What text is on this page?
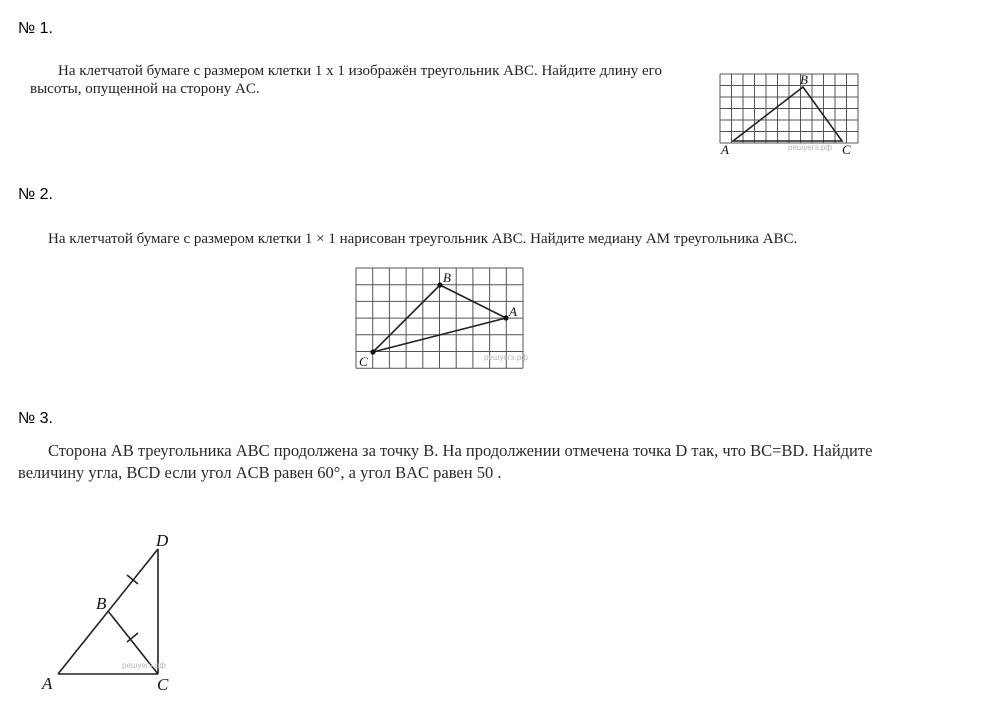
№ 1.
На клетчатой бумаге с размером клетки 1 x 1 изображён треугольник ABC. Найдите длину его
высоты, опущенной на сторону AC.
решуегэ.рф
A
B
C
№ 2.
На клетчатой бумаге с размером клетки 1 × 1 нарисован треугольник ABC. Найдите медиану AM треугольника ABC.
решуегэ.рф
A
B
C
№ 3.
Сторона AB треугольника ABC продолжена за точку B. На продолжении отмечена точка D так, что BC=BD. Найдите
величину угла, BCD если угол ACB равен 60°, а угол BAC равен 50 .
решуегэ.рф
A
B
C
D
